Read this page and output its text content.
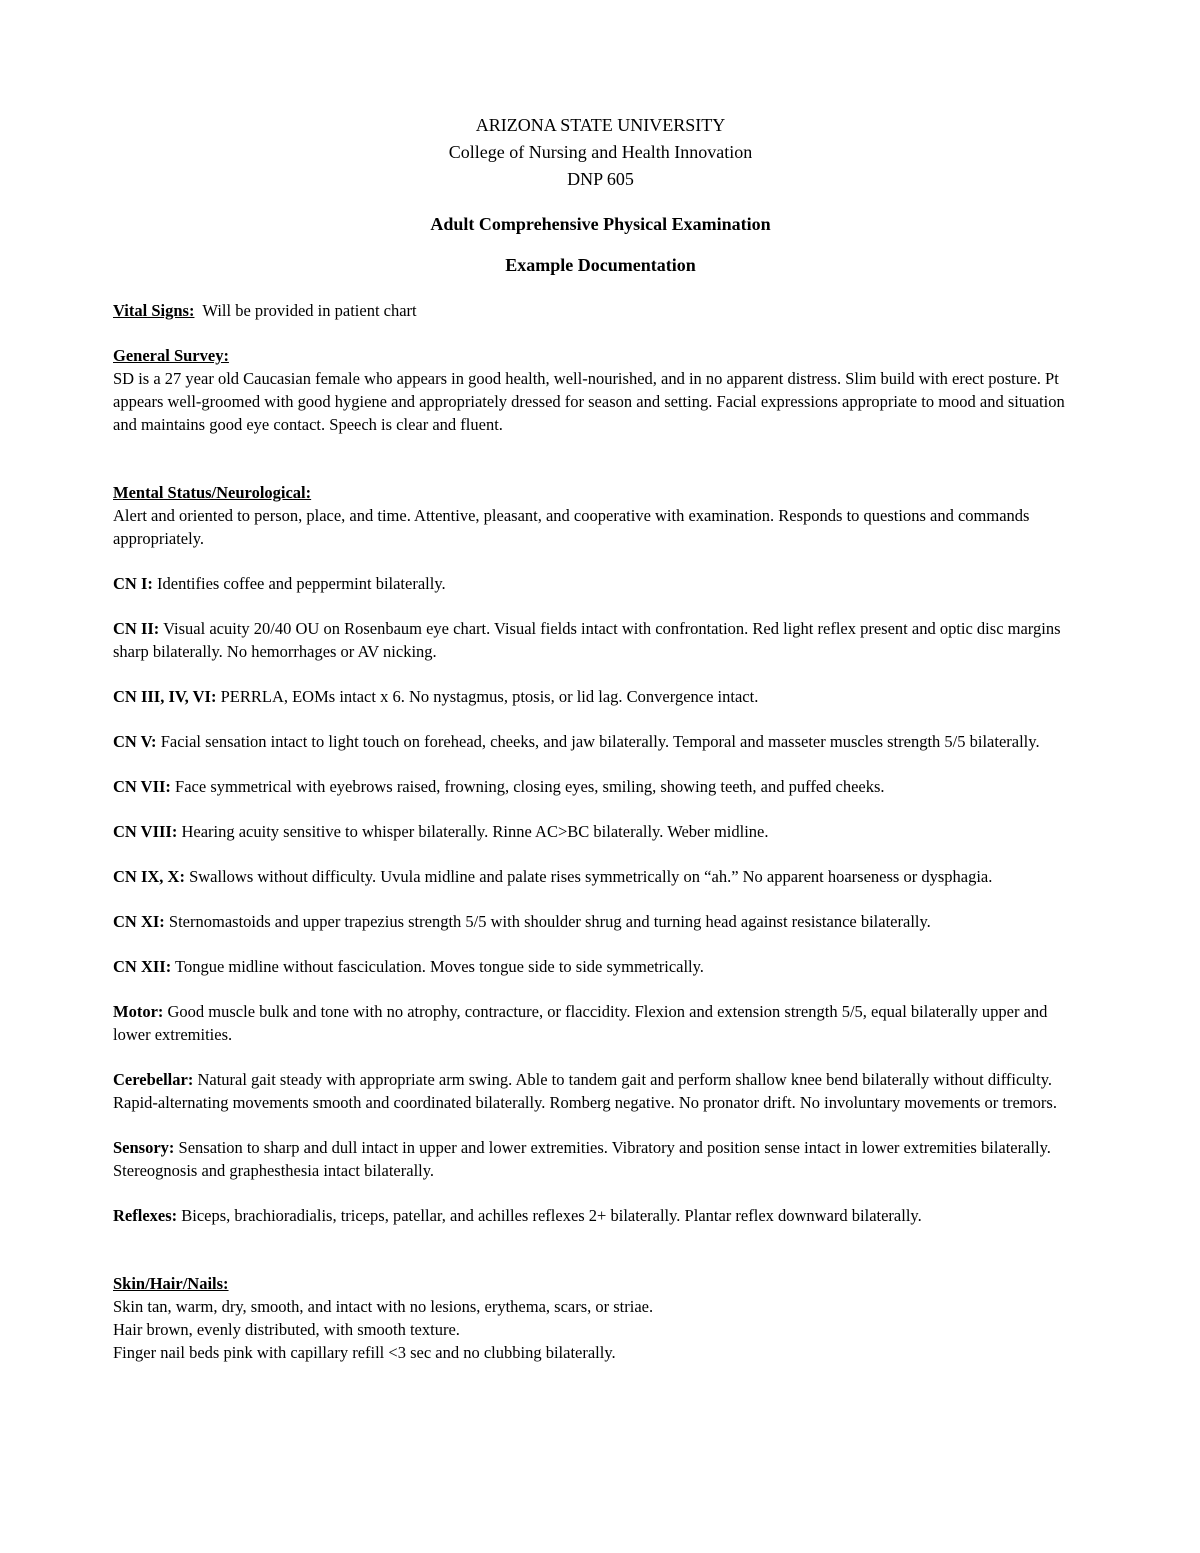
ARIZONA STATE UNIVERSITY
College of Nursing and Health Innovation
DNP 605
Adult Comprehensive Physical Examination
Example Documentation

Vital Signs: Will be provided in patient chart

General Survey:

SD is a 27 year old Caucasian female who appears in good health, well-nourished, and in no apparent distress. Slim build with erect posture. Pt appears well-groomed with good hygiene and appropriately dressed for season and setting. Facial expressions appropriate to mood and situation and maintains good eye contact. Speech is clear and fluent.

Mental Status/Neurological:

Alert and oriented to person, place, and time. Attentive, pleasant, and cooperative with examination. Responds to questions and commands appropriately.

CN I: Identifies coffee and peppermint bilaterally.

CN II: Visual acuity 20/40 OU on Rosenbaum eye chart. Visual fields intact with confrontation. Red light reflex present and optic disc margins sharp bilaterally. No hemorrhages or AV nicking.

CN III, IV, VI: PERRLA, EOMs intact x 6. No nystagmus, ptosis, or lid lag. Convergence intact.

CN V: Facial sensation intact to light touch on forehead, cheeks, and jaw bilaterally. Temporal and masseter muscles strength 5/5 bilaterally.

CN VII: Face symmetrical with eyebrows raised, frowning, closing eyes, smiling, showing teeth, and puffed cheeks.

CN VIII: Hearing acuity sensitive to whisper bilaterally. Rinne AC>BC bilaterally. Weber midline.

CN IX, X: Swallows without difficulty. Uvula midline and palate rises symmetrically on “ah.” No apparent hoarseness or dysphagia.

CN XI: Sternomastoids and upper trapezius strength 5/5 with shoulder shrug and turning head against resistance bilaterally.

CN XII: Tongue midline without fasciculation. Moves tongue side to side symmetrically.

Motor: Good muscle bulk and tone with no atrophy, contracture, or flaccidity. Flexion and extension strength 5/5, equal bilaterally upper and lower extremities.

Cerebellar: Natural gait steady with appropriate arm swing. Able to tandem gait and perform shallow knee bend bilaterally without difficulty. Rapid-alternating movements smooth and coordinated bilaterally. Romberg negative. No pronator drift. No involuntary movements or tremors.

Sensory: Sensation to sharp and dull intact in upper and lower extremities. Vibratory and position sense intact in lower extremities bilaterally. Stereognosis and graphesthesia intact bilaterally.

Reflexes: Biceps, brachioradialis, triceps, patellar, and achilles reflexes 2+ bilaterally. Plantar reflex downward bilaterally.

Skin/Hair/Nails:

Skin tan, warm, dry, smooth, and intact with no lesions, erythema, scars, or striae.

Hair brown, evenly distributed, with smooth texture.

Finger nail beds pink with capillary refill <3 sec and no clubbing bilaterally.
